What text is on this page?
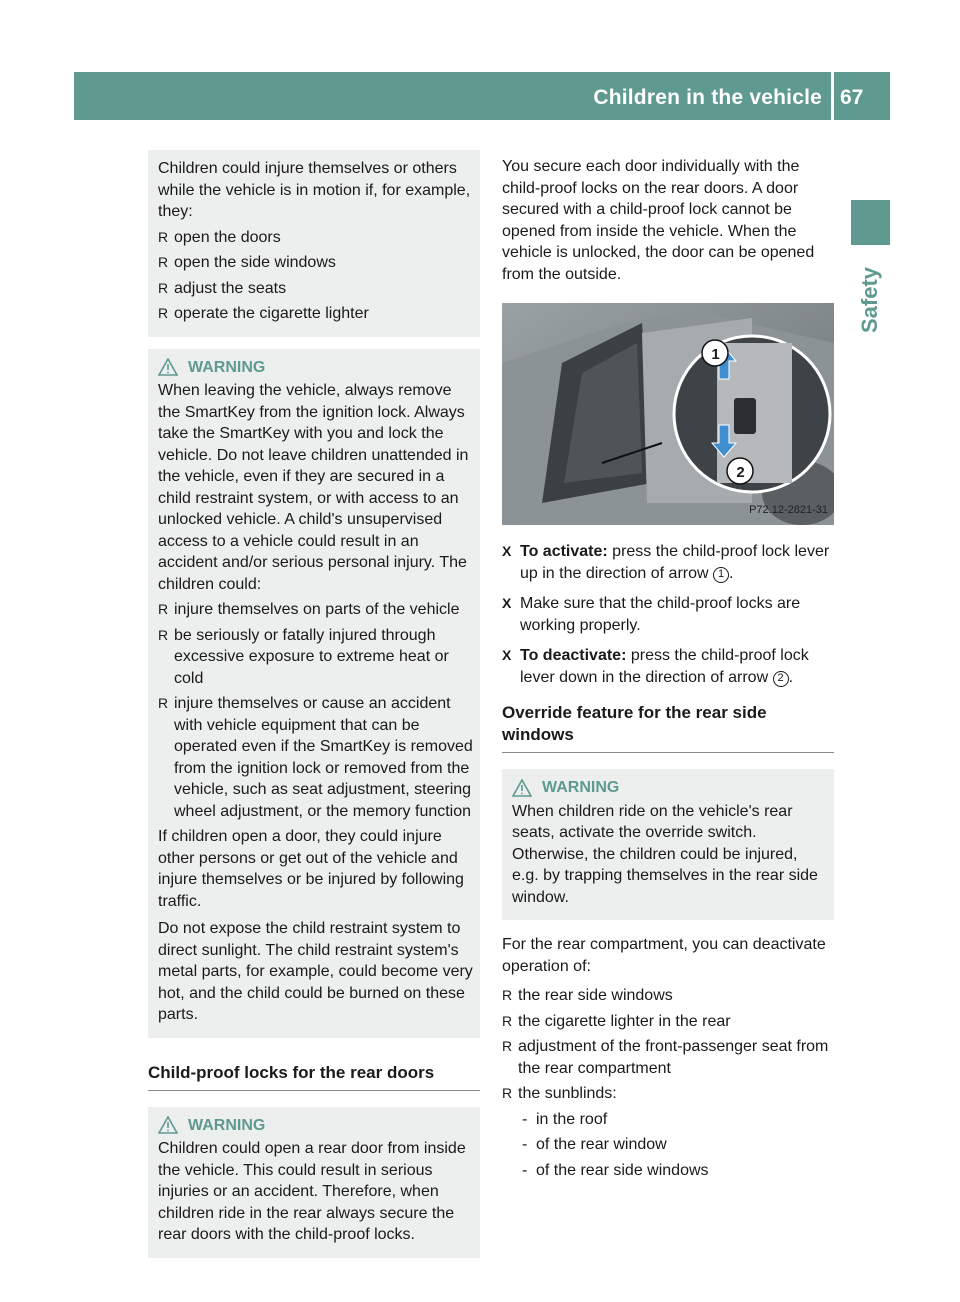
Children in the vehicle 67
Safety

Children could injure themselves or others while the vehicle is in motion if, for example, they:

R open the doors
R open the side windows
R adjust the seats
R operate the cigarette lighter
WARNING

When leaving the vehicle, always remove the SmartKey from the ignition lock. Always take the SmartKey with you and lock the vehicle. Do not leave children unattended in the vehicle, even if they are secured in a child restraint system, or with access to an unlocked vehicle. A child's unsupervised access to a vehicle could result in an accident and/or serious personal injury. The children could:

R injure themselves on parts of the vehicle
R be seriously or fatally injured through excessive exposure to extreme heat or cold
R injure themselves or cause an accident with vehicle equipment that can be operated even if the SmartKey is removed from the ignition lock or removed from the vehicle, such as seat adjustment, steering wheel adjustment, or the memory function

If children open a door, they could injure other persons or get out of the vehicle and injure themselves or be injured by following traffic.

Do not expose the child restraint system to direct sunlight. The child restraint system's metal parts, for example, could become very hot, and the child could be burned on these parts.

Child-proof locks for the rear doors
WARNING

Children could open a rear door from inside the vehicle. This could result in serious injuries or an accident. Therefore, when children ride in the rear always secure the rear doors with the child-proof locks.

You secure each door individually with the child-proof locks on the rear doors. A door secured with a child-proof lock cannot be opened from inside the vehicle. When the vehicle is unlocked, the door can be opened from the outside.

1
2
P72.12-2821-31
X To activate: press the child-proof lock lever up in the direction of arrow 1 .
X Make sure that the child-proof locks are working properly.
X To deactivate: press the child-proof lock lever down in the direction of arrow 2 .
Override feature for the rear side windows
WARNING

When children ride on the vehicle's rear seats, activate the override switch. Otherwise, the children could be injured, e.g. by trapping themselves in the rear side window.

For the rear compartment, you can deactivate operation of:

R the rear side windows
R the cigarette lighter in the rear
R adjustment of the front-passenger seat from the rear compartment
R the sunblinds:
- in the roof
- of the rear window
- of the rear side windows
